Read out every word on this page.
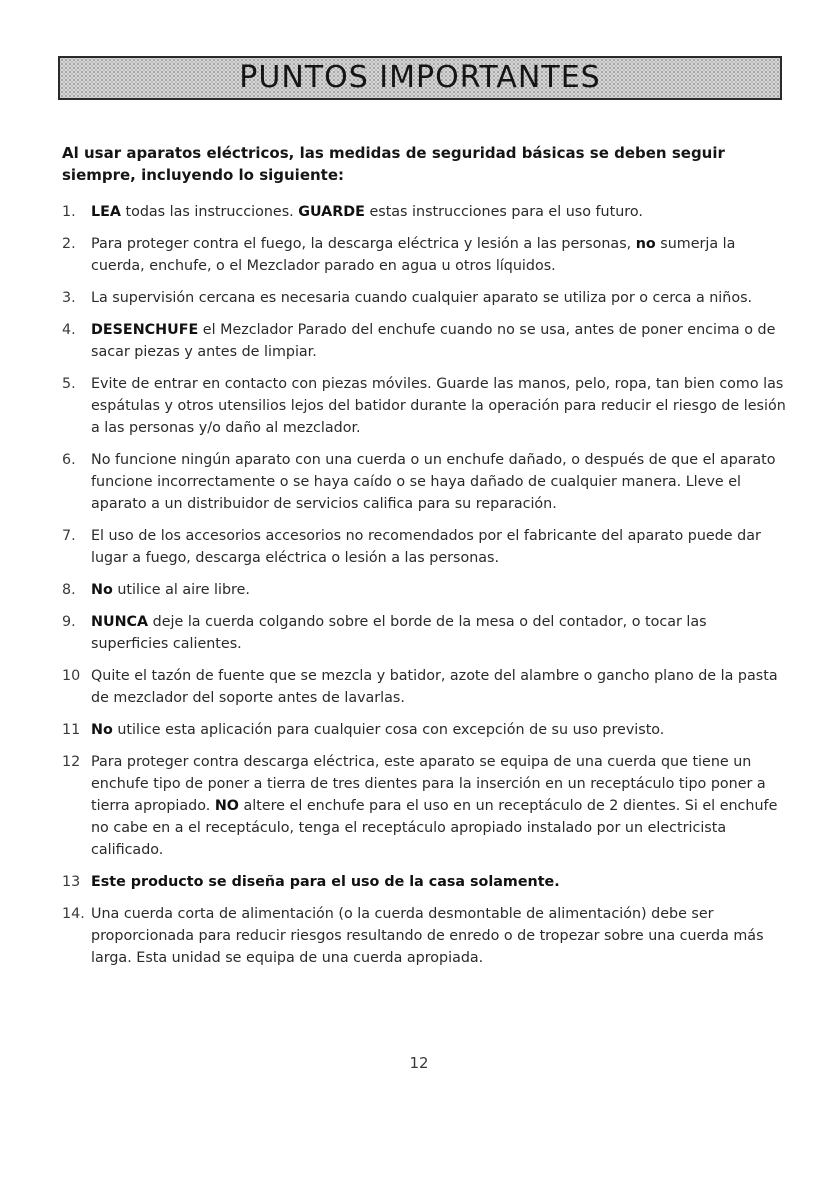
PUNTOS IMPORTANTES
Al usar aparatos eléctricos, las medidas de seguridad básicas se deben seguir siempre, incluyendo lo siguiente:
1. LEA todas las instrucciones. GUARDE estas instrucciones para el uso futuro.
2. Para proteger contra el fuego, la descarga eléctrica y lesión a las personas, no sumerja la cuerda, enchufe, o el Mezclador parado en agua u otros líquidos.
3. La supervisión cercana es necesaria cuando cualquier aparato se utiliza por o cerca a niños.
4. DESENCHUFE el Mezclador Parado del enchufe cuando no se usa, antes de poner encima o de sacar piezas y antes de limpiar.
5. Evite de entrar en contacto con piezas móviles. Guarde las manos, pelo, ropa, tan bien como las espátulas y otros utensilios lejos del batidor durante la operación para reducir el riesgo de lesión a las personas y/o daño al mezclador.
6. No funcione ningún aparato con una cuerda o un enchufe dañado, o después de que el aparato funcione incorrectamente o se haya caído o se haya dañado de cualquier manera. Lleve el aparato a un distribuidor de servicios califica para su reparación.
7. El uso de los accesorios accesorios no recomendados por el fabricante del aparato puede dar lugar a fuego, descarga eléctrica o lesión a las personas.
8. No utilice al aire libre.
9. NUNCA deje la cuerda colgando sobre el borde de la mesa o del contador, o tocar las superficies calientes.
10 Quite el tazón de fuente que se mezcla y batidor, azote del alambre o gancho plano de la pasta de mezclador del soporte antes de lavarlas.
11 No utilice esta aplicación para cualquier cosa con excepción de su uso previsto.
12 Para proteger contra descarga eléctrica, este aparato se equipa de una cuerda que tiene un enchufe tipo de poner a tierra de tres dientes para la inserción en un receptáculo tipo poner a tierra apropiado. NO altere el enchufe para el uso en un receptáculo de 2 dientes. Si el enchufe no cabe en a el receptáculo, tenga el receptáculo apropiado instalado por un electricista calificado.
13 Este producto se diseña para el uso de la casa solamente.
14. Una cuerda corta de alimentación (o la cuerda desmontable de alimentación) debe ser proporcionada para reducir riesgos resultando de enredo o de tropezar sobre una cuerda más larga. Esta unidad se equipa de una cuerda apropiada.
12
